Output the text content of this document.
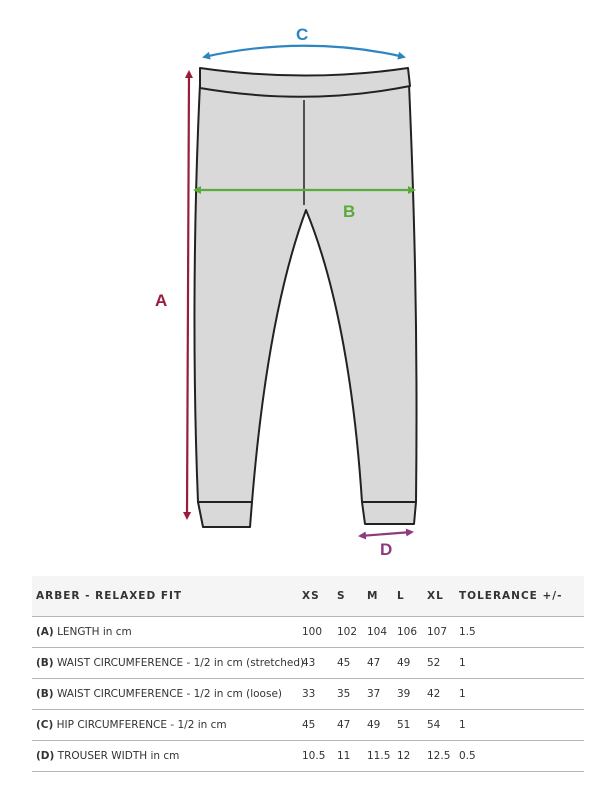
A
B
C
D
ARBER - RELAXED FIT	XS	S	M	L	XL	TOLERANCE +/-
(A) LENGTH in cm	100	102	104	106	107	1.5
(B) WAIST CIRCUMFERENCE - 1/2 in cm (stretched)	43	45	47	49	52	1
(B) WAIST CIRCUMFERENCE - 1/2 in cm (loose)	33	35	37	39	42	1
(C) HIP CIRCUMFERENCE - 1/2 in cm	45	47	49	51	54	1
(D) TROUSER WIDTH in cm	10.5	11	11.5	12	12.5	0.5
